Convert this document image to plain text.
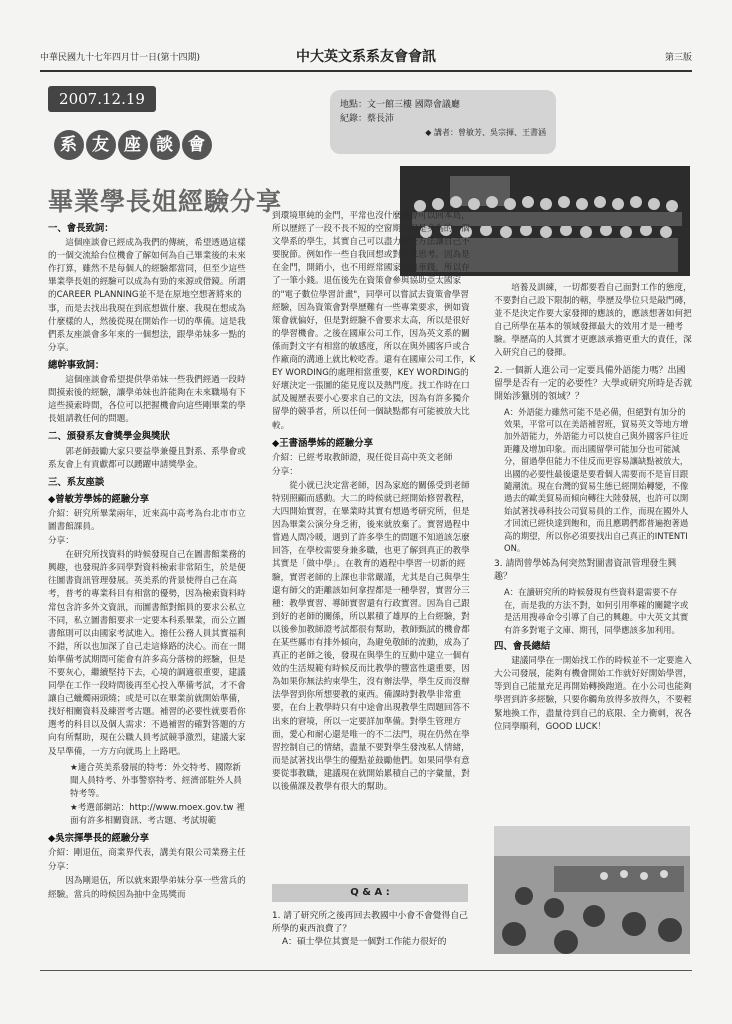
中華民國九十七年四月廿一日(第十四期)	中大英文系系友會會訊	第三版
2007.12.19
系 友 座 談 會
畢業學長姐經驗分享
地點：文一館三樓 國際會議廳
紀錄：蔡長沛
◆ 講者：曾敏芳、吳宗揮、王書涵
一、會長致詞：
這個座談會已經成為我們的傳統，希望透過這樣的一個交流給台位機會了解如何為自己畢業後的未來作打算，雖然不是每個人的經驗都當同，但至少這些畢業學長姐的經驗可以成為有勁的來源或借鏡。所謂的CAREER PLANNING並不是在原地空想著將來的事，而是去找出我現在到底想做什麼、我現在想成為什麼樣的人，然後從現在開始作一切的準備。這是我們系友座談會多年來的一個想法，跟學弟妹多一點的分享。
總幹事致詞：
這個座談會希望提供學弟妹一些我們經過一段時間摸索後的經驗，讓學弟妹也許能夠在未來職場有下這些摸索時間，各位可以把握機會向這些剛畢業的學長姐請教任何的問題。
二、頒發系友會獎學金與獎狀
郭老師鼓勵大家只要益學兼優且對系、系學會或系友會上有貢獻都可以踴躍申請獎學金。
三、系友座談
◆曾敏芳學姊的經驗分享
介紹：研究所畢業兩年，近來高中高考為台北市市立圖書館課員。
分享：
在研究所找資料的時候發現自己在圖書館業務的興趣，也發現許多同學對資料檢索非常陌生，於是便往圖書資訊管理發展。英美系的背景使得自己在高考，普考的專業科目有相當的優勢，因為檢索資料時常包含許多外文資訊，而圖書館對館員的要求公私立不同，私立圖書館要求一定要本科系畢業，而公立圖書館則可以由國家考試進入。擔任公務人員其實福利不錯，所以也加深了自己走這條路的決心。而在一開始準備考試期間可能會有許多高分落榜的經驗，但是不要灰心，繼續堅持下去，心境的調適很重要，建議同學在工作一段時間後再至心投入準備考試，才不會讓自己蠟燭兩頭燒；或是可以在畢業前就開始準備，找好相關資料及練習考古題。補習的必要性就要看你選考的科目以及個人需求：不過補習的確對答題的方向有所幫助，現在公職人員考試競爭激烈，建議大家及早準備，一方方向就馬上上路吧。
★適合英美系發展的特考：外交特考、國際新聞人員特考、外事警察特考、經濟部駐外人員特考等。
★考選部網站：http://www.moex.gov.tw 裡面有許多相關資訊、考古題、考試規範
◆吳宗揮學長的經驗分享
介紹：剛退伍，商業界代表，講美有限公司業務主任
分享：
因為剛退伍，所以就來跟學弟妹分享一些當兵的經驗。當兵的時候因為抽中金馬獎而
到環境單純的金門，平常也沒什麼機會可以回本島，所以歷經了一段不長不短的空窗期，但是身為的一個文學系的學生，其實自己可以盡力找些方法讓自己不要脫節。例如作一些自我回想或對未來思考。因為是在金門，開銷小，也不用經常國家支出車錢，所以存了一筆小錢。退伍後先在資策會參與協助亞太國家的"電子數位學習計畫"，同學可以嘗試去資策會學習經驗，因為資策會對學歷難有一些專業要求，例如資策會就偏好，但是對經驗不會要求太高，所以是很好的學習機會。之後在國庫公司工作，因為英文系的關係而對文字有相當的敏感度，所以在與外國客戶或合作廠商的溝通上就比較吃香。還有在國庫公司工作，KEY WORDING的處理相當重要，KEY WORDING的好壞決定一張圖的能見度以及熱門度。找工作時在口試及履歷表要小心要求自己的文法，因為有許多獨介留學的競爭者，所以任何一個缺點都有可能被放大比較。
◆王書涵學姊的經驗分享
介紹：已經考取教師證，現任從目高中英文老師
分享：
從小就已決定當老師，因為家庭的關係受到老師特別照顧而感動。大二的時候就已經開始修習教程，大四開始實習，在畢業時其實有想過考研究所，但是因為畢業公演分身乏術，後來就放棄了。實習過程中嘗過人間冷暖，遇到了許多學生的問題不知道該怎麼回答，在學校需要身兼多職，也更了解到真正的教學其實是「做中學」。在教育的過程中學習一切新的經驗，實習老師的上課也非常嚴謹，尤其是自己與學生還有師父的距離該如何拿捏都是一種學習，實習分三種：教學實習、導師實習還有行政實習。因為自己跟到好的老師的關係，所以累積了雄厚的上台經驗，對以後參加教師證考試都很有幫助，教師甄試的機會都在某些縣市有排外傾向，為避免敬師的流動，成為了真正的老師之後，發現在與學生的互動中建立一個有效的生活規範有時候反而比教學的豐富性還重要，因為如果你無法約束學生，沒有辦法學，學生反而沒辦法學習到你所想要教的東西。備課時對教學非常重要，在台上教學時只有中途會出現教學生問題回答不出來的窘境，所以一定要詳加準備。對學生管理方面，愛心和耐心還是唯一的不二法門，現在仍然在學習控制自己的情緒，盡量不要對學生發洩私人情緒，而是試著找出學生的優點並鼓勵他們。如果同學有意要從事教職，建議現在就開始累積自己的字彙量，對以後備課及教學有很大的幫助。
Q & A :
1. 請了研究所之後再回去教國中小會不會覺得自己所學的東西浪費了？
A：碩士學位其實是一個對工作能力很好的
培養及訓練，一切都要看自己面對工作的態度，不要對自己設下限制的轄，學歷及學位只是敲門磚，並不是決定作要大家發揮的應該的，應該想著如何把自己所學在基本的領域發揮最大的效用才是一種考驗。學歷高的人其實才更應該承擔更重大的責任，深入研究自己的發揮。
2. 一個新人進公司一定要具備外語能力嗎？出國留學是否有一定的必要性？大學或研究所時是否就開始涉獵別的領域？？
A：外語能力雖然可能不是必備，但絕對有加分的效果，平常可以在美語補習班，貿易英文等地方增加外語能力，外語能力可以使自己與外國客戶往近距離及增加印象。而出國留學可能加分也可能減分，留過學但能力不佳反而更容易讓缺點被放大，出國的必要性最後還是要看個人需要而不是盲目跟隨潮流。現在台灣的貿易生態已經開始轉變，不像過去的歐美貿易而傾向轉往大陸發展，也許可以開始試著找尋科技公司貿易員的工作，而現在國外人才回流已經快達到飽和，而且應聘們都普遍抱著過高的期望，所以你必須要找出自己真正的INTENTION。
3. 請問曾學姊為何突然對圖書資訊管理發生興趣？
A：在讀研究所的時候發現有些資料還需要不存在，而是我的方法不對，如何引用準確的關鍵字或是活用搜尋命令引導了自己的興趣。中大英文其實有許多對電子文庫、期刊，同學應該多加利用。
四、會長總結
建議同學在一開始找工作的時候並不一定要進入大公司發展，能夠有機會開始工作就好好開始學習，等到自己能量充足再開始轉換跑道。在小公司也能夠學習到許多經驗，只要你觸角放得多放得久，不要輕緊地換工作，盡量待到自己的底限、全力衝刺，祝各位同學順利，GOOD LUCK！
